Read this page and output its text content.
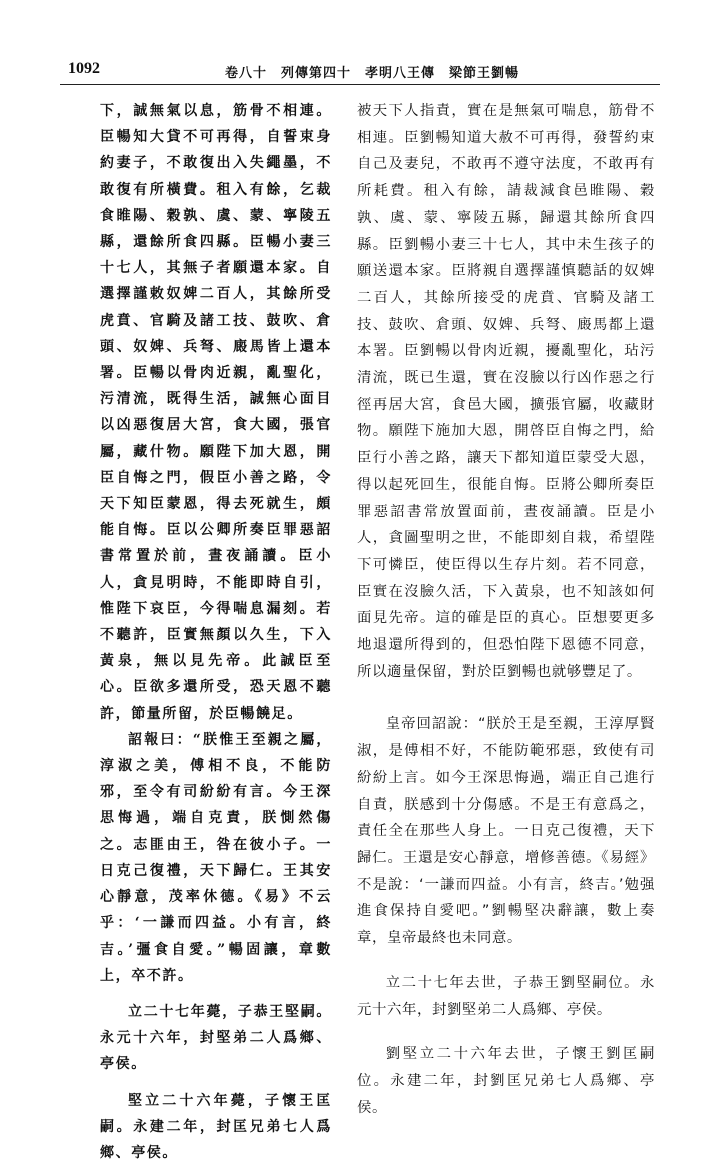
1092	卷八十　列傳第四十　孝明八王傳　梁節王劉暢

下，誠無氣以息，筋骨不相連。臣暢知大貸不可再得，自誓束身約妻子，不敢復出入失繩墨，不敢復有所橫費。租入有餘，乞裁食睢陽、穀孰、虞、蒙、寧陵五縣，還餘所食四縣。臣暢小妻三十七人，其無子者願還本家。自選擇謹敕奴婢二百人，其餘所受虎賁、官騎及諸工技、鼓吹、倉頭、奴婢、兵弩、廄馬皆上還本署。臣暢以骨肉近親，亂聖化，污清流，既得生活，誠無心面目以凶惡復居大宮，食大國，張官屬，藏什物。願陛下加大恩，開臣自悔之門，假臣小善之路，令天下知臣蒙恩，得去死就生，頗能自悔。臣以公卿所奏臣罪惡詔書常置於前，晝夜誦讀。臣小人，貪見明時，不能即時自引，惟陛下哀臣，今得喘息漏刻。若不聽許，臣實無顏以久生，下入黃泉，無以見先帝。此誠臣至心。臣欲多還所受，恐天恩不聽許，節量所留，於臣暢饒足。

詔報曰：“朕惟王至親之屬，淳淑之美，傅相不良，不能防邪，至令有司紛紛有言。今王深思悔過，端自克責，朕惻然傷之。志匪由王，咎在彼小子。一日克己復禮，天下歸仁。王其安心靜意，茂率休德。《易》不云乎：‘一謙而四益。小有言，終吉。’彊食自愛。”暢固讓，章數上，卒不許。

立二十七年薨，子恭王堅嗣。永元十六年，封堅弟二人爲鄉、亭侯。

堅立二十六年薨，子懷王匡嗣。永建二年，封匡兄弟七人爲鄉、亭侯。

被天下人指責，實在是無氣可喘息，筋骨不相連。臣劉暢知道大赦不可再得，發誓約束自己及妻兒，不敢再不遵守法度，不敢再有所耗費。租入有餘，請裁減食邑睢陽、穀孰、虞、蒙、寧陵五縣，歸還其餘所食四縣。臣劉暢小妻三十七人，其中未生孩子的願送還本家。臣將親自選擇謹慎聽話的奴婢二百人，其餘所接受的虎賁、官騎及諸工技、鼓吹、倉頭、奴婢、兵弩、廄馬都上還本署。臣劉暢以骨肉近親，擾亂聖化，玷污清流，既已生還，實在沒臉以行凶作惡之行徑再居大宮，食邑大國，擴張官屬，收藏財物。願陛下施加大恩，開啓臣自悔之門，給臣行小善之路，讓天下都知道臣蒙受大恩，得以起死回生，很能自悔。臣將公卿所奏臣罪惡詔書常放置面前，晝夜誦讀。臣是小人，貪圖聖明之世，不能即刻自栽，希望陛下可憐臣，使臣得以生存片刻。若不同意，臣實在沒臉久活，下入黃泉，也不知該如何面見先帝。這的確是臣的真心。臣想要更多地退還所得到的，但恐怕陛下恩德不同意，所以適量保留，對於臣劉暢也就够豐足了。

皇帝回詔說：“朕於王是至親，王淳厚賢淑，是傅相不好，不能防範邪惡，致使有司紛紛上言。如今王深思悔過，端正自己進行自責，朕感到十分傷感。不是王有意爲之，責任全在那些人身上。一日克己復禮，天下歸仁。王還是安心靜意，增修善德。《易經》不是說：‘一謙而四益。小有言，終吉。’勉强進食保持自愛吧。”劉暢堅决辭讓，數上奏章，皇帝最終也未同意。

立二十七年去世，子恭王劉堅嗣位。永元十六年，封劉堅弟二人爲鄉、亭侯。

劉堅立二十六年去世，子懷王劉匡嗣位。永建二年，封劉匡兄弟七人爲鄉、亭侯。
